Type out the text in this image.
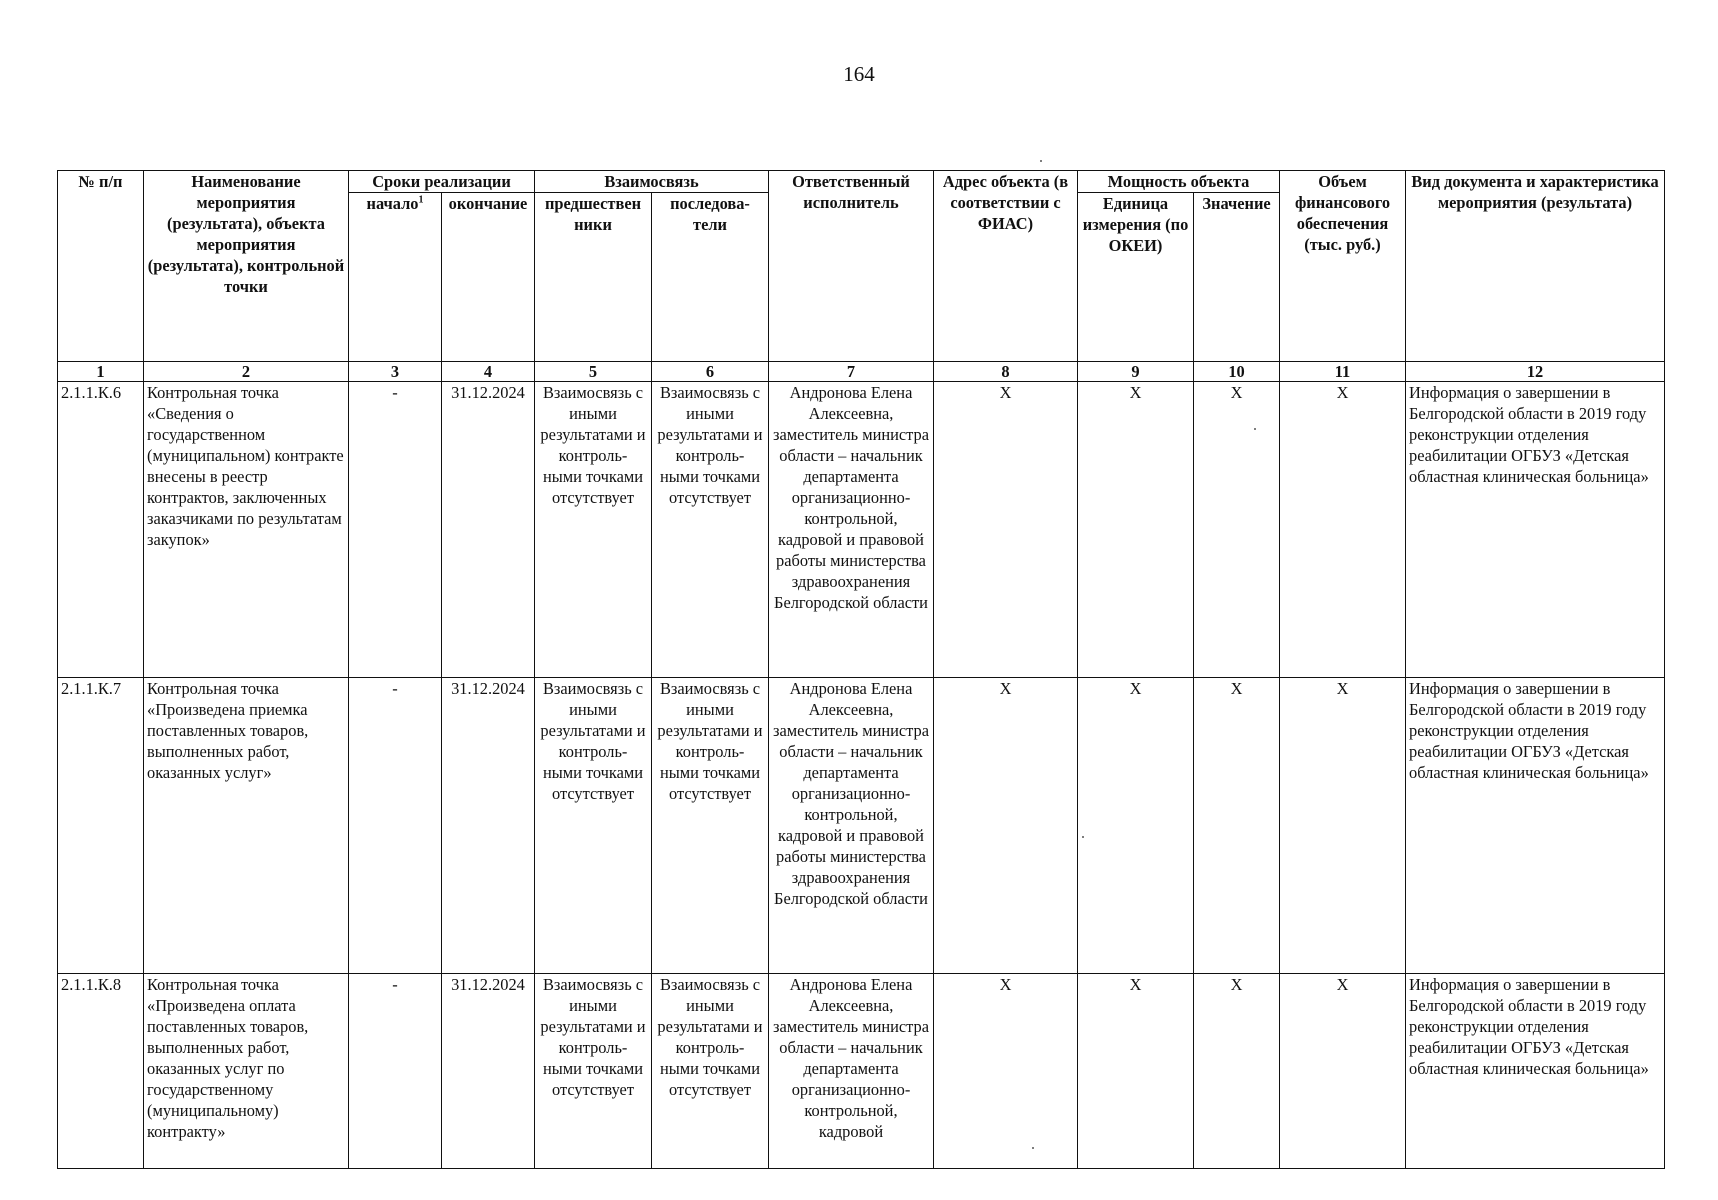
164
№ п/п	Наименование мероприятия (результата), объекта мероприятия (результата), контрольной точки	Сроки реализации		Взаимосвязь		Ответственный исполнитель	Адрес объекта (в соответствии с ФИАС)	Мощность объекта		Объем финансового обеспечения (тыс. руб.)	Вид документа и характеристика мероприятия (результата)
		начало$^1$	окончание	предшествен ники	последова- тели			Единица измерения (по ОКЕИ)	Значение		
1	2	3	4	5	6	7	8	9	10	11	12
2.1.1.К.6	Контрольная точка «Сведения о государственном (муниципальном) контракте внесены в реестр контрактов, заключенных заказчиками по результатам закупок»	-	31.12.2024	Взаимосвязь с иными результатами и контроль- ными точками отсутствует	Взаимосвязь с иными результатами и контроль- ными точками отсутствует	Андронова Елена Алексеевна, заместитель министра области – начальник департамента организационно- контрольной, кадровой и правовой работы министерства здравоохранения Белгородской области	Х	Х	Х	Х	Информация о завершении в Белгородской области в 2019 году реконструкции отделения реабилитации ОГБУЗ «Детская областная клиническая больница»
2.1.1.К.7	Контрольная точка «Произведена приемка поставленных товаров, выполненных работ, оказанных услуг»	-	31.12.2024	Взаимосвязь с иными результатами и контроль- ными точками отсутствует	Взаимосвязь с иными результатами и контроль- ными точками отсутствует	Андронова Елена Алексеевна, заместитель министра области – начальник департамента организационно- контрольной, кадровой и правовой работы министерства здравоохранения Белгородской области	Х	Х	Х	Х	Информация о завершении в Белгородской области в 2019 году реконструкции отделения реабилитации ОГБУЗ «Детская областная клиническая больница»
2.1.1.К.8	Контрольная точка «Произведена оплата поставленных товаров, выполненных работ, оказанных услуг по государственному (муниципальному) контракту»	-	31.12.2024	Взаимосвязь с иными результатами и контроль- ными точками отсутствует	Взаимосвязь с иными результатами и контроль- ными точками отсутствует	Андронова Елена Алексеевна, заместитель министра области – начальник департамента организационно- контрольной, кадровой	Х	Х	Х	Х	Информация о завершении в Белгородской области в 2019 году реконструкции отделения реабилитации ОГБУЗ «Детская областная клиническая больница»
